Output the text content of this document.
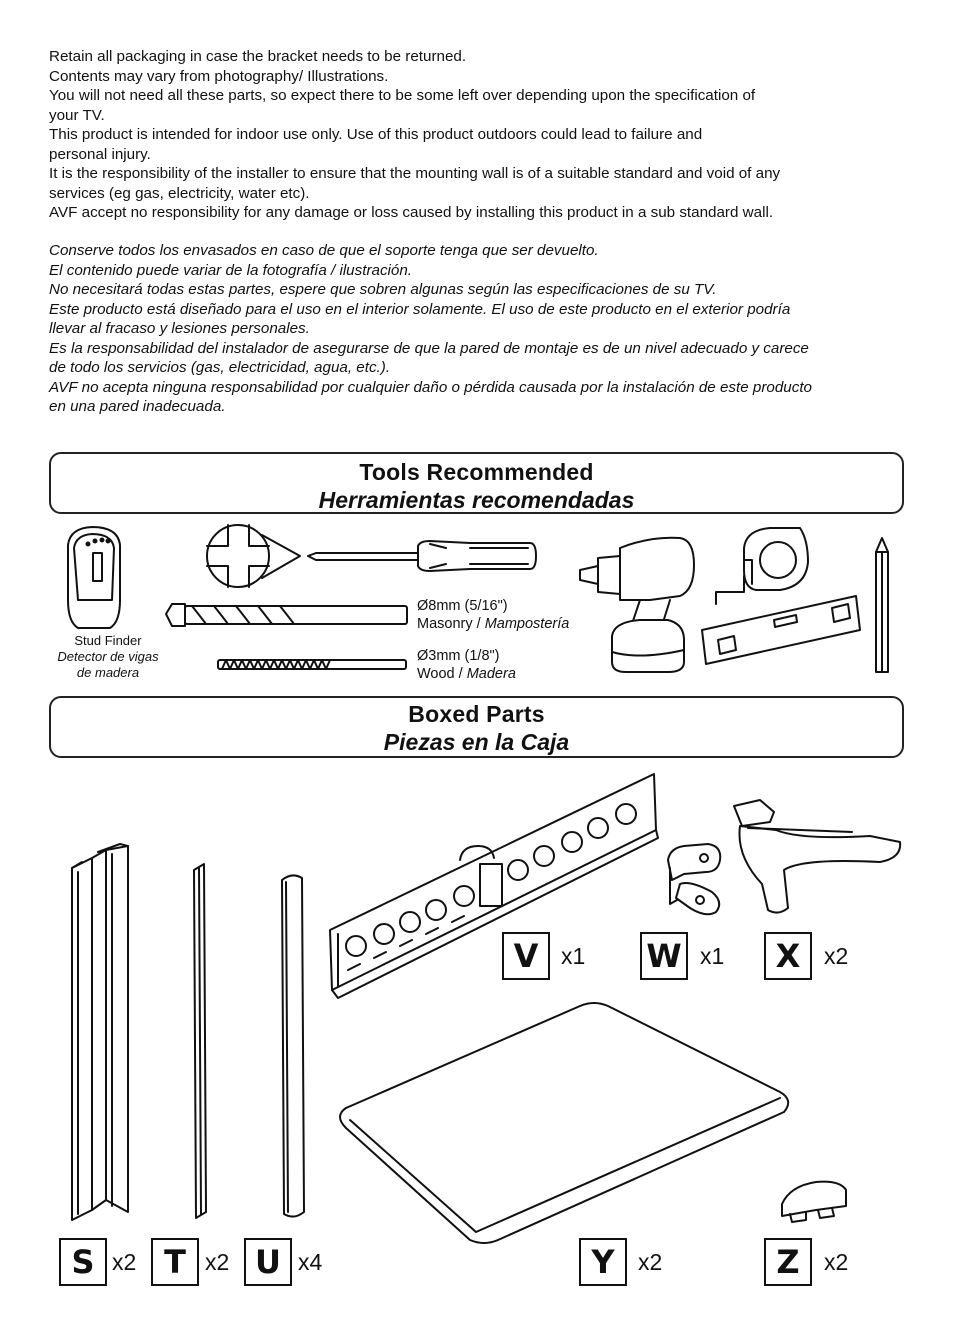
Retain all packaging in case the bracket needs to be returned.
Contents may vary from photography/ Illustrations.
You will not need all these parts, so expect there to be some left over depending upon the specification of
your TV.
This product is intended for indoor use only. Use of this product outdoors could lead to failure and
personal injury.
It is the responsibility of the installer to ensure that the mounting wall is of a suitable standard and void of any
services (eg gas, electricity, water etc).
AVF accept no responsibility for any damage or loss caused by installing this product in a sub standard wall.
Conserve todos los envasados en caso de que el soporte tenga que ser devuelto.
El contenido puede variar de la fotografía / ilustración.
No necesitará todas estas partes, espere que sobren algunas según las especificaciones de su TV.
Este producto está diseñado para el uso en el interior solamente. El uso de este producto en el exterior podría
llevar al fracaso y lesiones personales.
Es la responsabilidad del instalador de asegurarse de que la pared de montaje es de un nivel adecuado y carece
de todo los servicios (gas, electricidad, agua, etc.).
AVF no acepta ninguna responsabilidad por cualquier daño o pérdida causada por la instalación de este producto
en una pared inadecuada.
Tools Recommended
Herramientas recomendadas
Stud Finder
Detector de vigas
de madera
Ø8mm (5/16")
Masonry / Mampostería
Ø3mm (1/8")
Wood / Madera
Boxed Parts
Piezas en la Caja
S x2 T x2 U x4
V x1 W x1	X	x2
Y	x2	Z	x2
